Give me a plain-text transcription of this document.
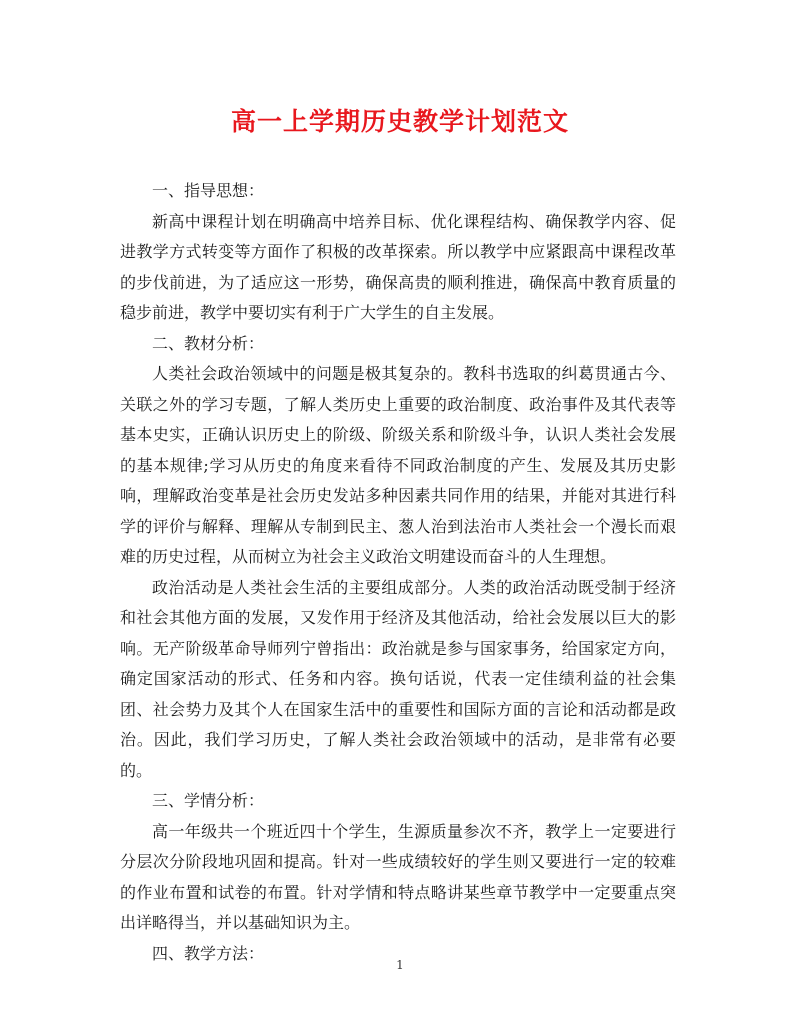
高一上学期历史教学计划范文

一、指导思想：

新高中课程计划在明确高中培养目标、优化课程结构、确保教学内容、促进教学方式转变等方面作了积极的改革探索。所以教学中应紧跟高中课程改革的步伐前进，为了适应这一形势，确保高贵的顺利推进，确保高中教育质量的稳步前进，教学中要切实有利于广大学生的自主发展。

二、教材分析：

人类社会政治领域中的问题是极其复杂的。教科书选取的纠葛贯通古今、关联之外的学习专题，了解人类历史上重要的政治制度、政治事件及其代表等基本史实，正确认识历史上的阶级、阶级关系和阶级斗争，认识人类社会发展的基本规律;学习从历史的角度来看待不同政治制度的产生、发展及其历史影响，理解政治变革是社会历史发站多种因素共同作用的结果，并能对其进行科学的评价与解释、理解从专制到民主、葱人治到法治市人类社会一个漫长而艰难的历史过程，从而树立为社会主义政治文明建设而奋斗的人生理想。

政治活动是人类社会生活的主要组成部分。人类的政治活动既受制于经济和社会其他方面的发展，又发作用于经济及其他活动，给社会发展以巨大的影响。无产阶级革命导师列宁曾指出：政治就是参与国家事务，给国家定方向，确定国家活动的形式、任务和内容。换句话说，代表一定佳绩利益的社会集团、社会势力及其个人在国家生活中的重要性和国际方面的言论和活动都是政治。因此，我们学习历史，了解人类社会政治领域中的活动，是非常有必要的。

三、学情分析：

高一年级共一个班近四十个学生，生源质量参次不齐，教学上一定要进行分层次分阶段地巩固和提高。针对一些成绩较好的学生则又要进行一定的较难的作业布置和试卷的布置。针对学情和特点略讲某些章节教学中一定要重点突出详略得当，并以基础知识为主。

四、教学方法：

1
